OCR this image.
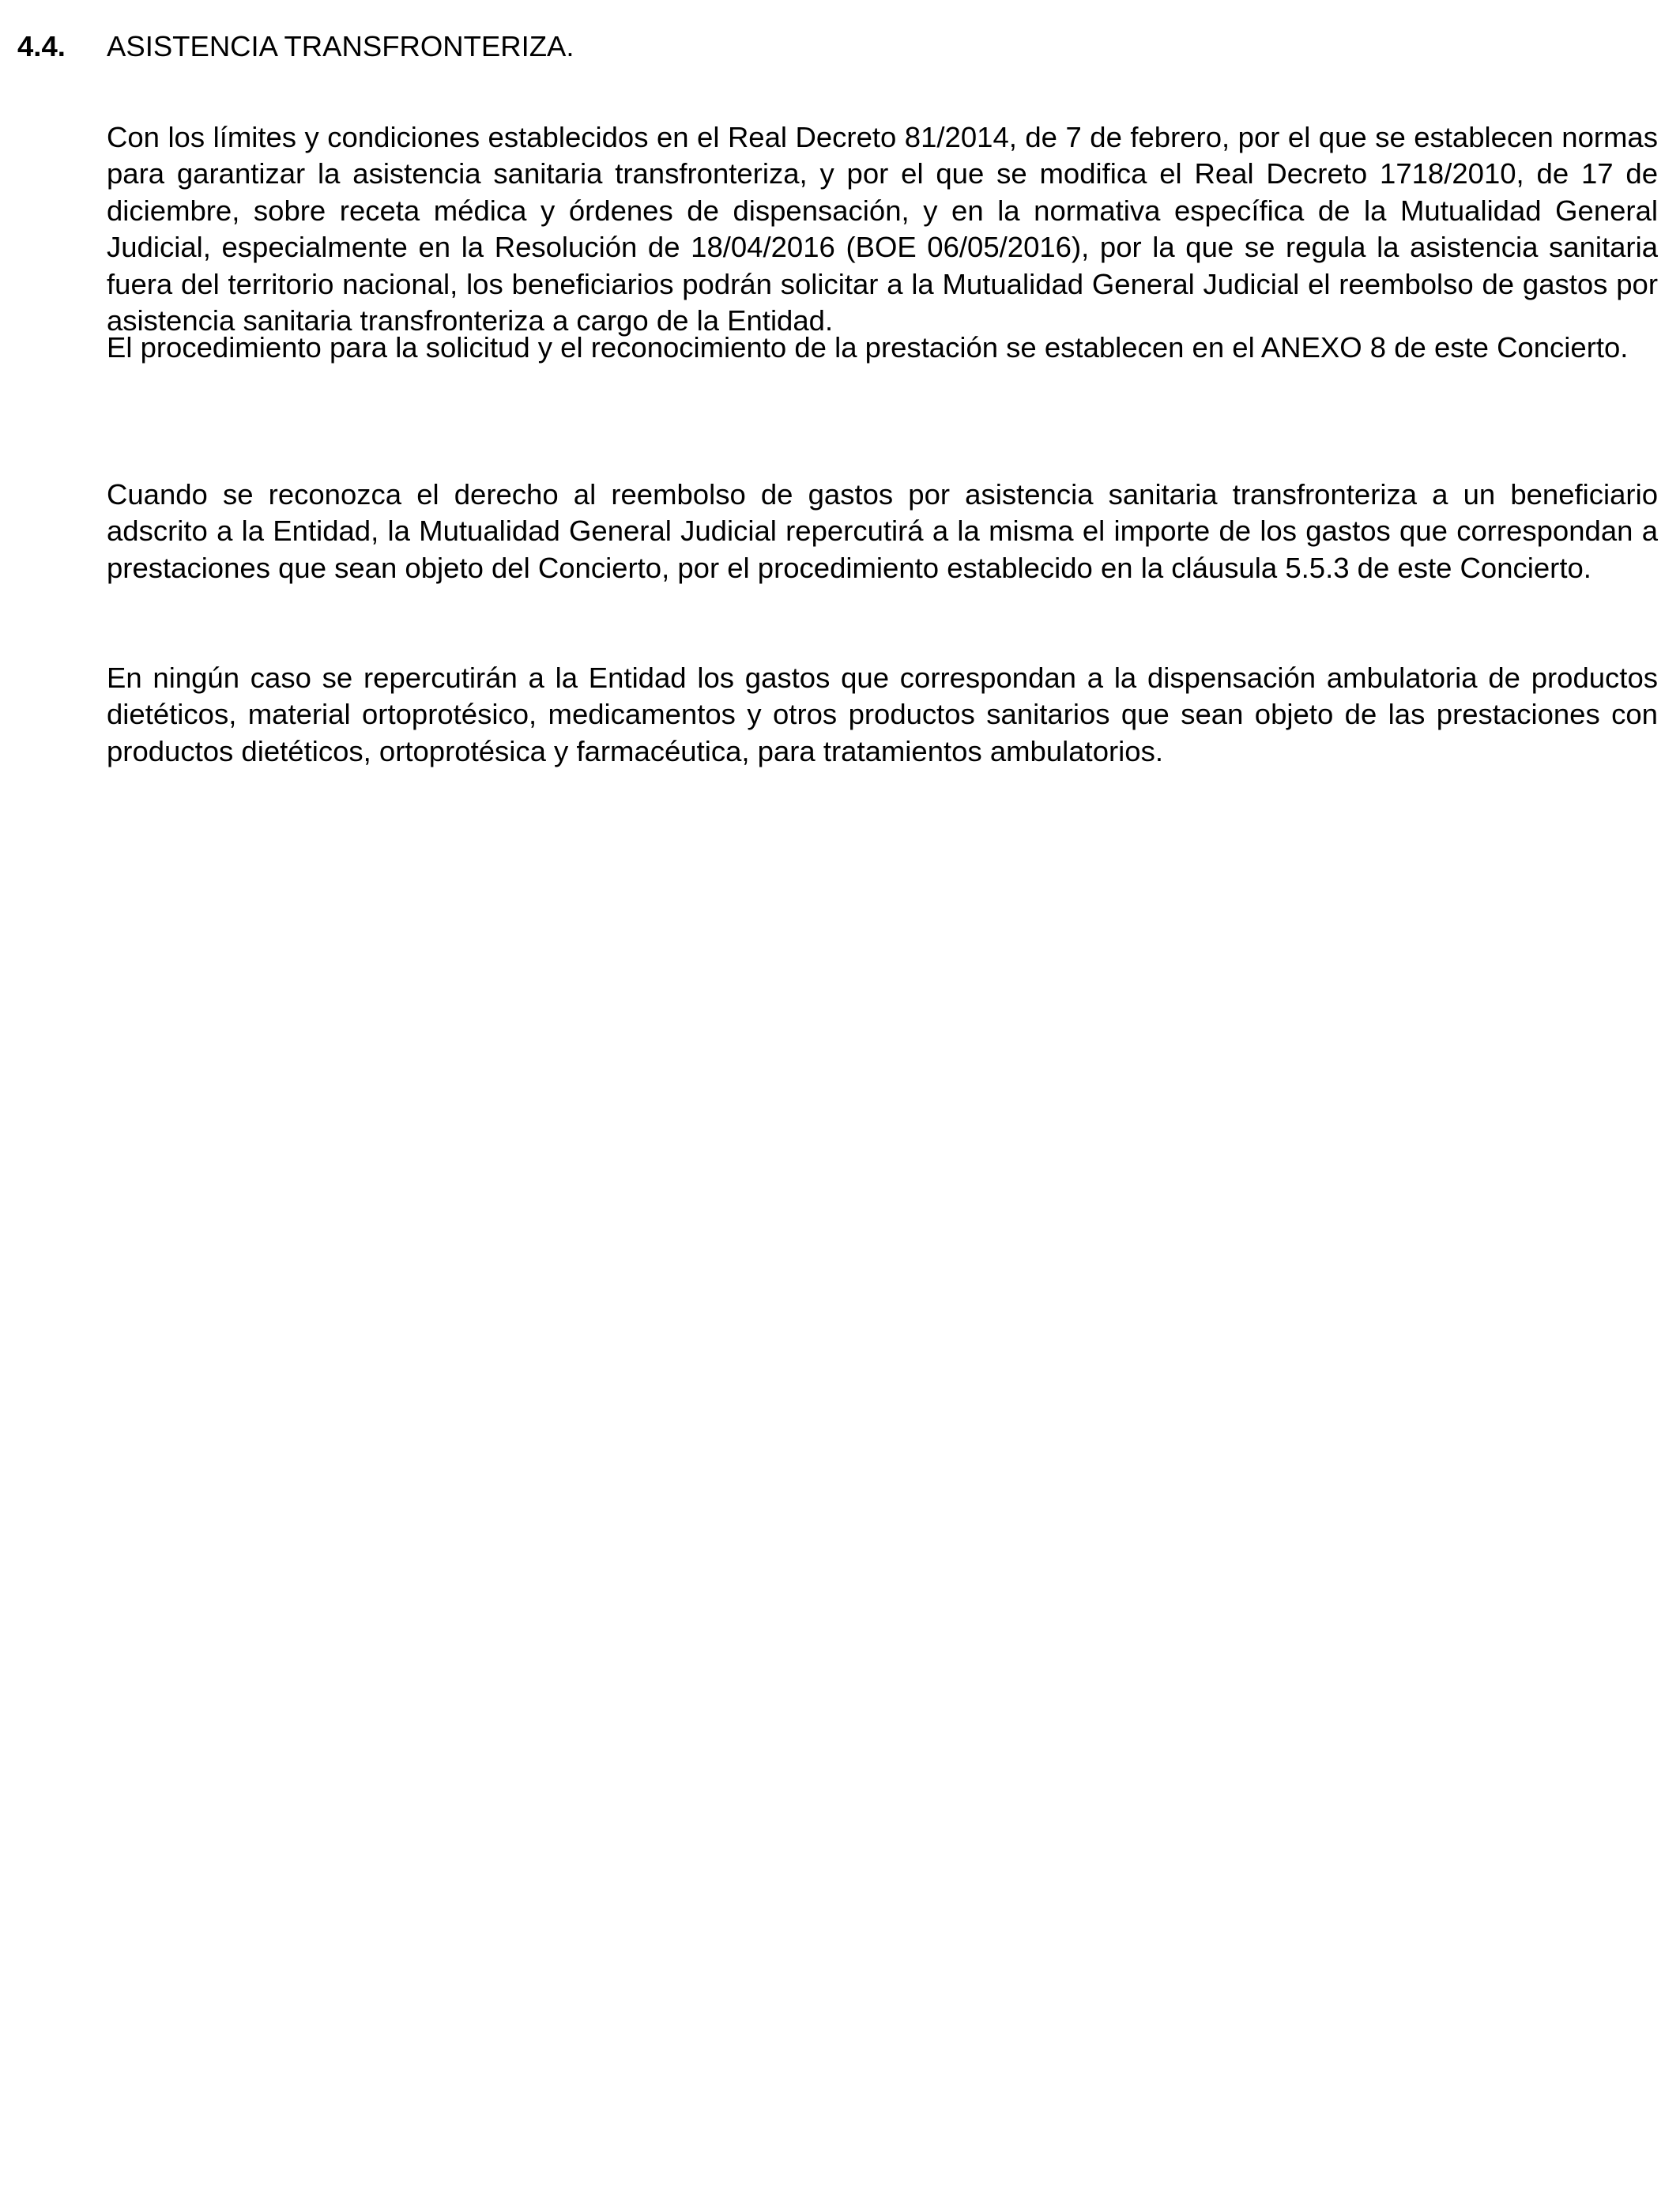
4.4.	ASISTENCIA TRANSFRONTERIZA.

Con los límites y condiciones establecidos en el Real Decreto 81/2014, de 7 de febrero, por el que se establecen normas para garantizar la asistencia sanitaria transfronteriza, y por el que se modifica el Real Decreto 1718/2010, de 17 de diciembre, sobre receta médica y órdenes de dispensación, y en la normativa específica de la Mutualidad General Judicial, especialmente en la Resolución de 18/04/2016 (BOE 06/05/2016), por la que se regula la asistencia sanitaria fuera del territorio nacional, los beneficiarios podrán solicitar a la Mutualidad General Judicial el reembolso de gastos por asistencia sanitaria transfronteriza a cargo de la Entidad.

El procedimiento para la solicitud y el reconocimiento de la prestación se establecen en el ANEXO 8 de este Concierto.

Cuando se reconozca el derecho al reembolso de gastos por asistencia sanitaria transfronteriza a un beneficiario adscrito a la Entidad, la Mutualidad General Judicial repercutirá a la misma el importe de los gastos que correspondan a prestaciones que sean objeto del Concierto, por el procedimiento establecido en la cláusula 5.5.3 de este Concierto.

En ningún caso se repercutirán a la Entidad los gastos que correspondan a la dispensación ambulatoria de productos dietéticos, material ortoprotésico, medicamentos y otros productos sanitarios que sean objeto de las prestaciones con productos dietéticos, ortoprotésica y farmacéutica, para tratamientos ambulatorios.
